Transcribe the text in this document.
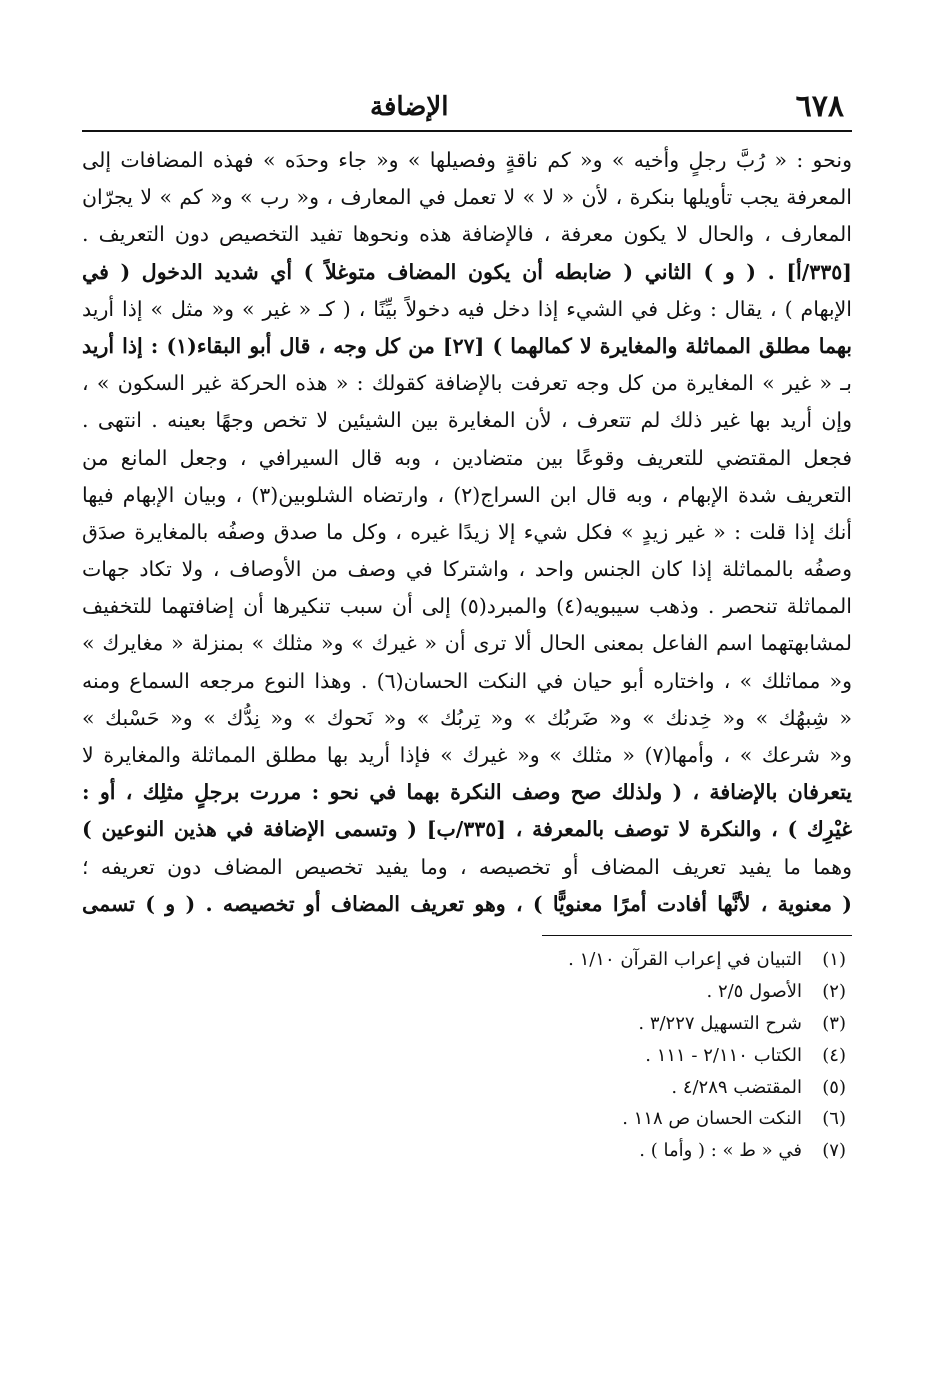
٦٧٨
الإضافة
ونحو : « رُبَّ رجلٍ وأخيه » و« كم ناقةٍ وفصيلها » و« جاء وحدَه » فهذه المضافات إلى
المعرفة يجب تأويلها بنكرة ، لأن « لا » لا تعمل في المعارف ، و« رب » و« كم » لا يجرّان
المعارف ، والحال لا يكون معرفة ، فالإضافة هذه ونحوها تفيد التخصيص دون التعريف .
[٣٣٥/أ] . ( و ) الثاني ( ضابطه أن يكون المضاف متوغلاً ) أي شديد الدخول ( في
الإبهام ) ، يقال : وغل في الشيء إذا دخل فيه دخولاً بيِّنًا ، ( كـ « غير » و« مثل » إذا أريد
بهما مطلق المماثلة والمغايرة لا كمالهما ) [٢٧] من كل وجه ، قال أبو البقاء(١) : إذا أريد
بـ « غير » المغايرة من كل وجه تعرفت بالإضافة كقولك : « هذه الحركة غير السكون » ،
وإن أريد بها غير ذلك لم تتعرف ، لأن المغايرة بين الشيئين لا تخص وجهًا بعينه . انتهى .
فجعل المقتضي للتعريف وقوعًا بين متضادين ، وبه قال السيرافي ، وجعل المانع من
التعريف شدة الإبهام ، وبه قال ابن السراج(٢) ، وارتضاه الشلوبين(٣) ، وبيان الإبهام فيها
أنك إذا قلت : « غير زيدٍ » فكل شيء إلا زيدًا غيره ، وكل ما صدق وصفُه بالمغايرة صدَق
وصفُه بالمماثلة إذا كان الجنس واحد ، واشتركا في وصف من الأوصاف ، ولا تكاد جهات
المماثلة تنحصر . وذهب سيبويه(٤) والمبرد(٥) إلى أن سبب تنكيرها أن إضافتهما للتخفيف
لمشابهتهما اسم الفاعل بمعنى الحال ألا ترى أن « غيرك » و« مثلك » بمنزلة « مغايرك »
و« مماثلك » ، واختاره أبو حيان في النكت الحسان(٦) . وهذا النوع مرجعه السماع ومنه
« شِبهُك » و« خِدنك » و« ضَربُك » و« تِربُك » و« نَحوك » و« نِدُّك » و« حَسْبك »
و« شرعك » ، وأمها(٧) « مثلك » و« غيرك » فإذا أريد بها مطلق المماثلة والمغايرة لا
يتعرفان بالإضافة ، ( ولذلك صح وصف النكرة بهما في نحو : مررت برجلٍ مثلِك ، أو :
غيْرِك ) ، والنكرة لا توصف بالمعرفة ، [٣٣٥/ب] ( وتسمى الإضافة في هذين النوعين )
وهما ما يفيد تعريف المضاف أو تخصيصه ، وما يفيد تخصيص المضاف دون تعريفه ؛
( معنوية ، لأنَّها أفادت أمرًا معنويًّا ) ، وهو تعريف المضاف أو تخصيصه . ( و ) تسمى
(١)
التبيان في إعراب القرآن ١/١٠ .
(٢)
الأصول ٢/٥ .
(٣)
شرح التسهيل ٣/٢٢٧ .
(٤)
الكتاب ٢/١١٠ - ١١١ .
(٥)
المقتضب ٤/٢٨٩ .
(٦)
النكت الحسان ص ١١٨ .
(٧)
في « ط » : ( وأما ) .
